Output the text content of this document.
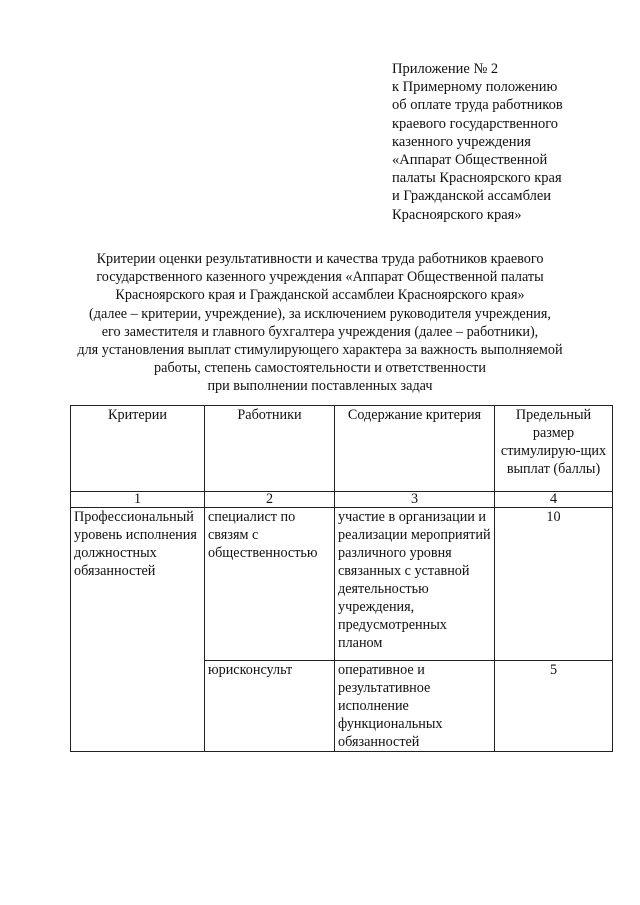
Приложение № 2
к Примерному положению
об оплате труда работников
краевого государственного
казенного учреждения
«Аппарат Общественной
палаты Красноярского края
и Гражданской ассамблеи
Красноярского края»
Критерии оценки результативности и качества труда работников краевого
государственного казенного учреждения «Аппарат Общественной палаты
Красноярского края и Гражданской ассамблеи Красноярского края»
(далее – критерии, учреждение), за исключением руководителя учреждения,
его заместителя и главного бухгалтера учреждения (далее – работники),
для установления выплат стимулирующего характера за важность выполняемой
работы, степень самостоятельности и ответственности
при выполнении поставленных задач
Критерии	Работники	Содержание критерия	Предельный размер стимулирую-щих выплат (баллы)
1	2	3	4
Профессиональный уровень исполнения должностных обязанностей	специалист по связям с общественностью	участие в организации и реализации мероприятий различного уровня связанных с уставной деятельностью учреждения, предусмотренных планом	10
	юрисконсульт	оперативное и результативное исполнение функциональных обязанностей	5
